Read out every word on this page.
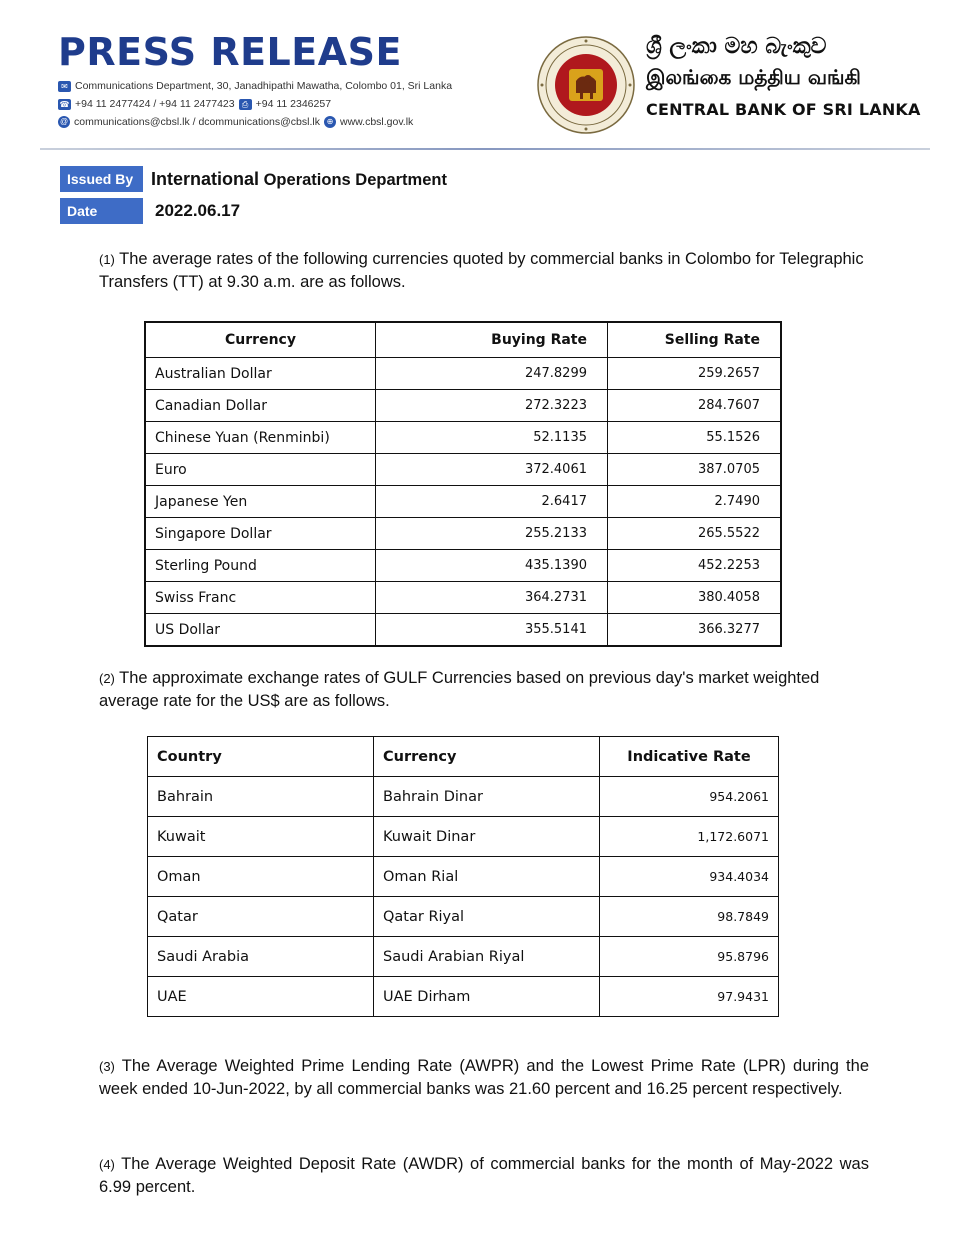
PRESS RELEASE
✉ Communications Department, 30, Janadhipathi Mawatha, Colombo 01, Sri Lanka
☎ +94 11 2477424 / +94 11 2477423 ⎙ +94 11 2346257
@ communications@cbsl.lk / dcommunications@cbsl.lk ⊕ www.cbsl.gov.lk
ශ්‍රී ලංකා මහ බැංකුව
இலங்கை மத்திய வங்கி
CENTRAL BANK OF SRI LANKA
Issued By International Operations Department
Date	2022.06.17

(1) The average rates of the following currencies quoted by commercial banks in Colombo for Telegraphic Transfers (TT) at 9.30 a.m. are as follows.

Currency	Buying Rate	Selling Rate
Australian Dollar	247.8299	259.2657
Canadian Dollar	272.3223	284.7607
Chinese Yuan (Renminbi)	52.1135	55.1526
Euro	372.4061	387.0705
Japanese Yen	2.6417	2.7490
Singapore Dollar	255.2133	265.5522
Sterling Pound	435.1390	452.2253
Swiss Franc	364.2731	380.4058
US Dollar	355.5141	366.3277

(2) The approximate exchange rates of GULF Currencies based on previous day's market weighted average rate for the US$ are as follows.

Country	Currency	Indicative Rate
Bahrain	Bahrain Dinar	954.2061
Kuwait	Kuwait Dinar	1,172.6071
Oman	Oman Rial	934.4034
Qatar	Qatar Riyal	98.7849
Saudi Arabia	Saudi Arabian Riyal	95.8796
UAE	UAE Dirham	97.9431

(3) The Average Weighted Prime Lending Rate (AWPR) and the Lowest Prime Rate (LPR) during the week ended 10-Jun-2022, by all commercial banks was 21.60 percent and 16.25 percent respectively.

(4) The Average Weighted Deposit Rate (AWDR) of commercial banks for the month of May-2022 was 6.99 percent.
